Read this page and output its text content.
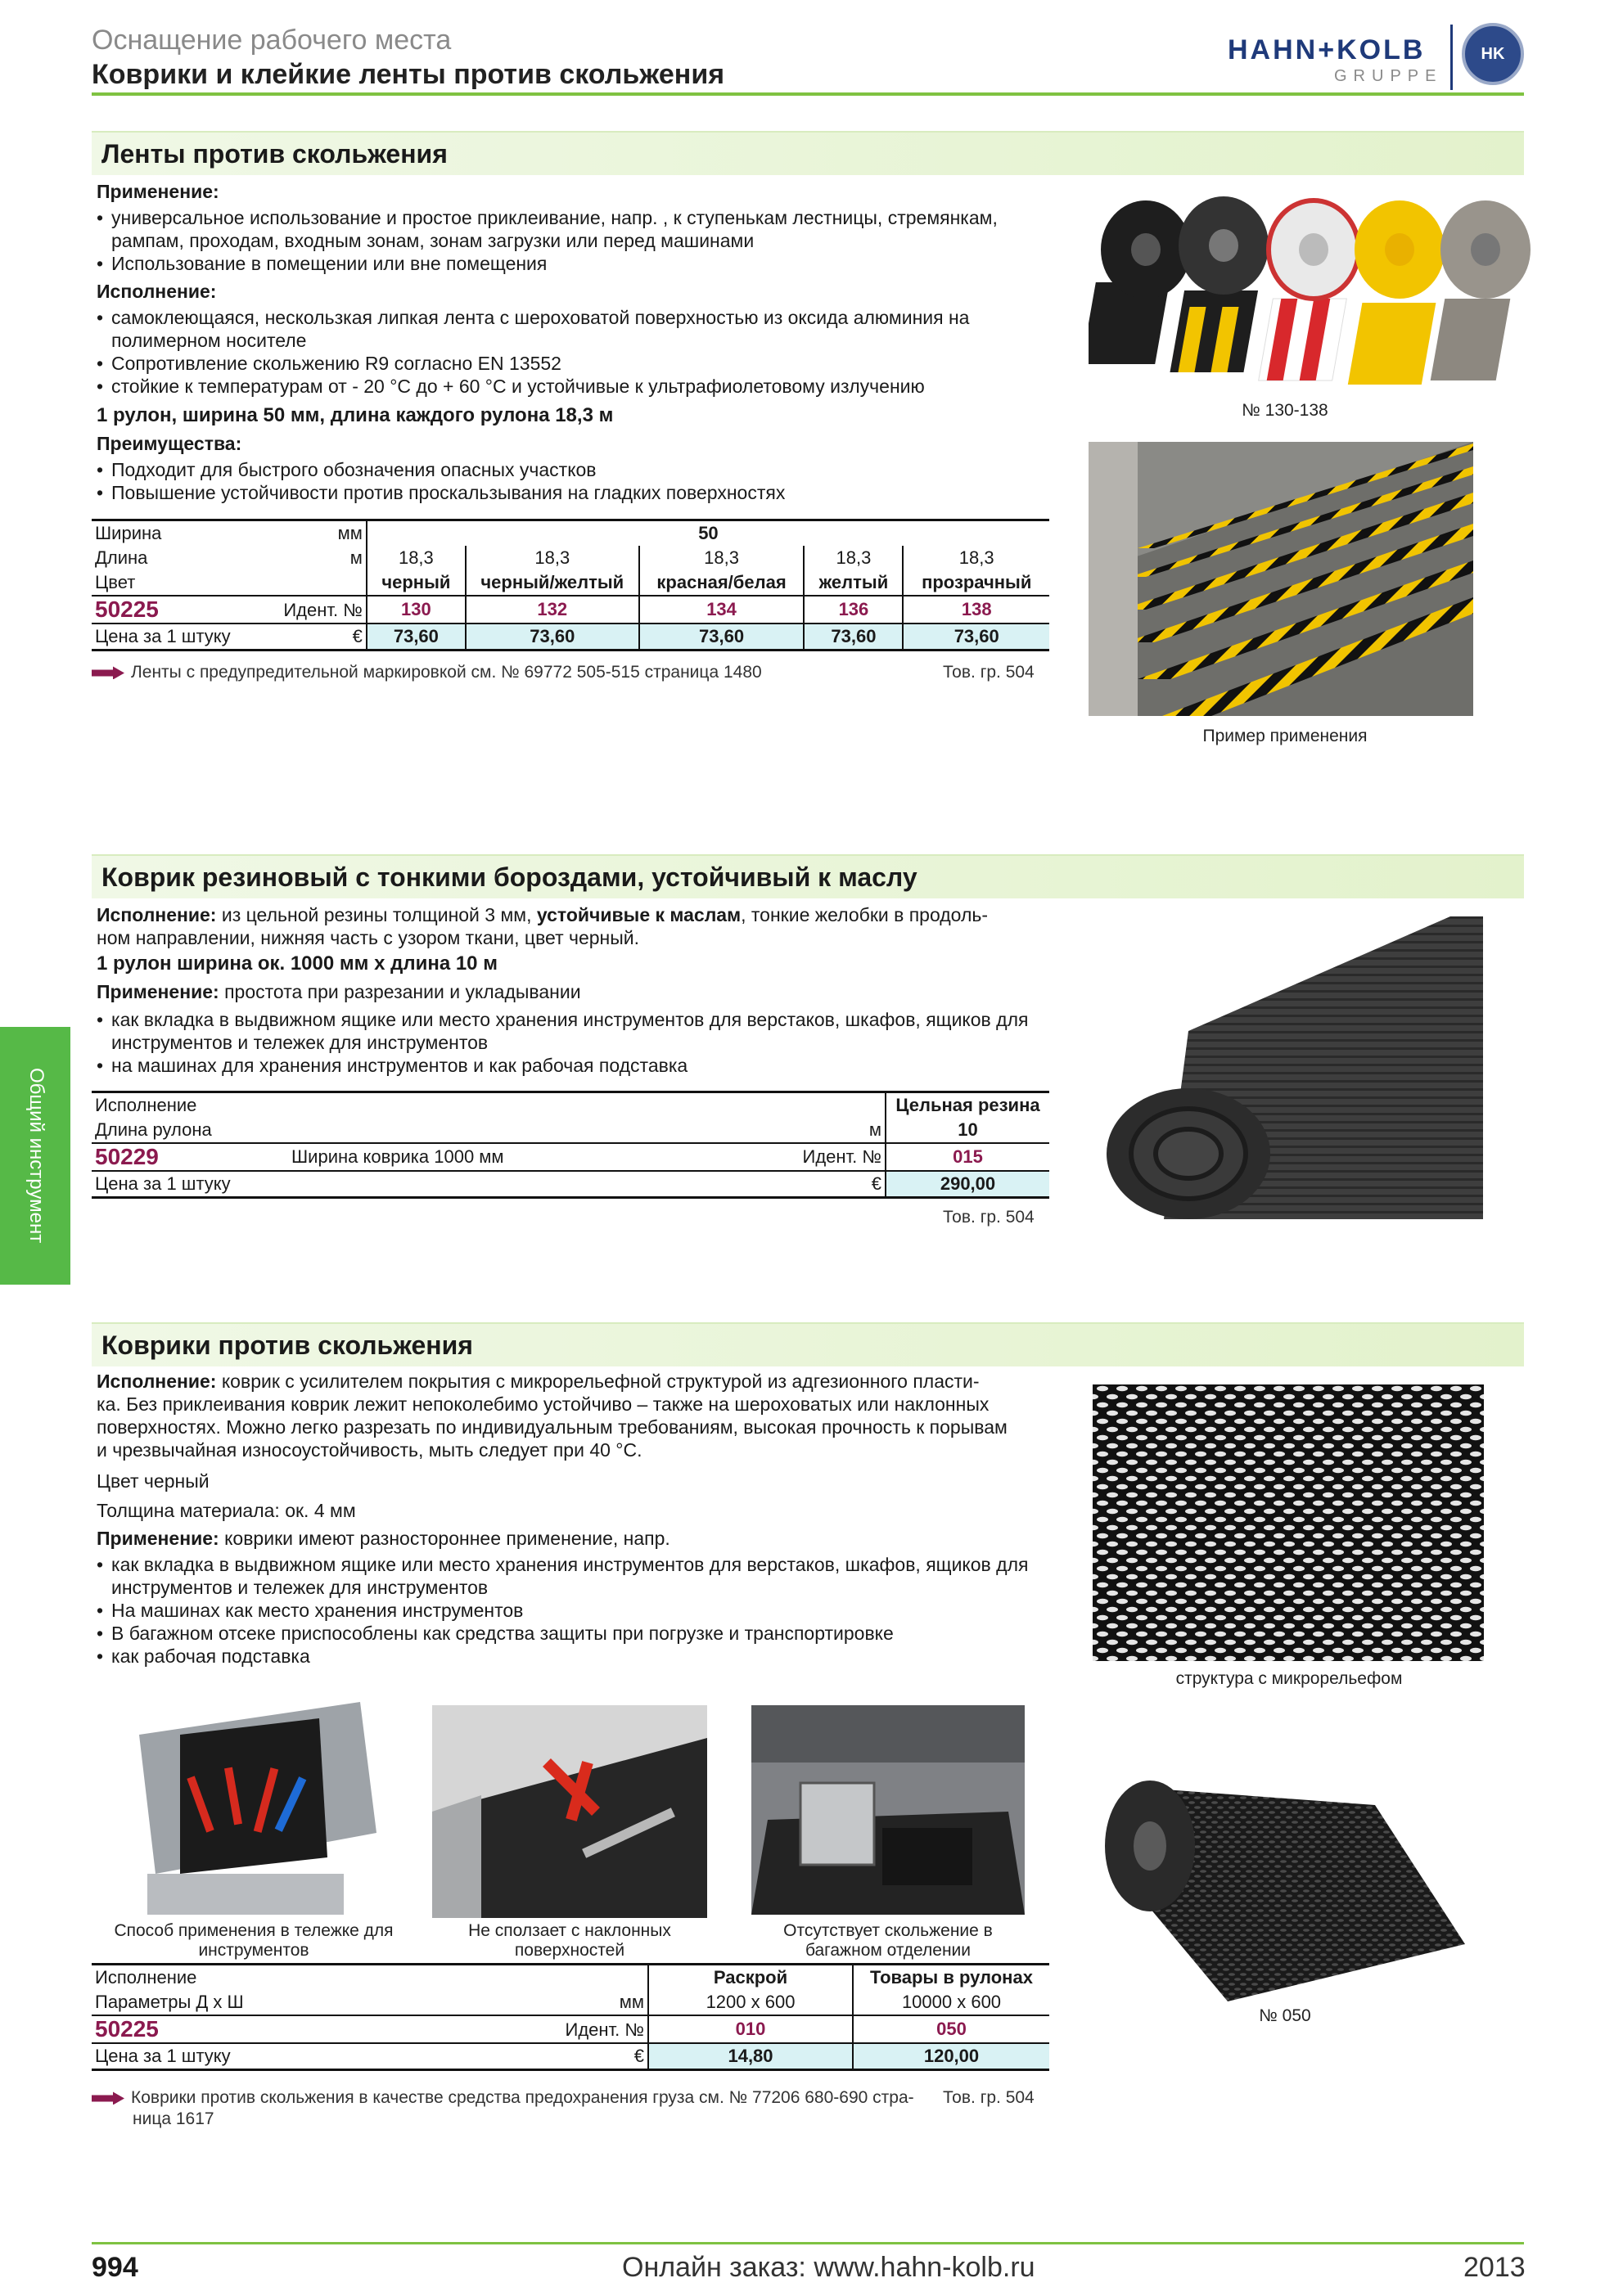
Оснащение рабочего места
Коврики и клейкие ленты против скольжения
HAHN+KOLB
GRUPPE
HK
Общий инструмент
Ленты против скольжения
Применение:
• универсальное использование и простое приклеивание, напр. , к ступенькам лестницы, стремянкам, рампам, проходам, входным зонам, зонам загрузки или перед машинами
• Использование в помещении или вне помещения
Исполнение:
• самоклеющаяся, нескользкая липкая лента с шероховатой поверхностью из оксида алюминия на полимерном носителе
• Сопротивление скольжению R9 согласно EN 13552
• стойкие к температурам от - 20 °C до + 60 °C и устойчивые к ультрафиолетовому излучению
1 рулон, ширина 50 мм, длина каждого рулона 18,3 м
Преимущества:
• Подходит для быстрого обозначения опасных участков
• Повышение устойчивости против проскальзывания на гладких поверхностях
Ширина мм	50				
Длина м	18,3	18,3	18,3	18,3	18,3
Цвет	черный	черный/желтый	красная/белая	желтый	прозрачный
50225 Идент. №	130	132	134	136	138
Цена за 1 штуку €	73,60	73,60	73,60	73,60	73,60
Ленты с предупредительной маркировкой см. № 69772 505-515 страница 1480	Тов. гр. 504
№ 130-138
Пример применения
Коврик резиновый с тонкими бороздами, устойчивый к маслу
Исполнение: из цельной резины толщиной 3 мм, устойчивые к маслам, тонкие желобки в продоль-
ном направлении, нижняя часть с узором ткани, цвет черный.
1 рулон ширина ок. 1000 мм x длина 10 м
Применение: простота при разрезании и укладывании
• как вкладка в выдвижном ящике или место хранения инструментов для верстаков, шкафов, ящиков для инструментов и тележек для инструментов
• на машинах для хранения инструментов и как рабочая подставка
Исполнение		Цельная резина
Длина рулона м		10
50229	Ширина коврика 1000 мм Идент. №	015
Цена за 1 штуку €		290,00
Тов. гр. 504
Коврики против скольжения
Исполнение: коврик с усилителем покрытия с микрорельефной структурой из адгезионного пласти-
ка. Без приклеивания коврик лежит непоколебимо устойчиво – также на шероховатых или наклонных
поверхностях. Можно легко разрезать по индивидуальным требованиям, высокая прочность к порывам
и чрезвычайная износоустойчивость, мыть следует при 40 °C.
Цвет черный
Толщина материала: ок. 4 мм
Применение: коврики имеют разностороннее применение, напр.
• как вкладка в выдвижном ящике или место хранения инструментов для верстаков, шкафов, ящиков для инструментов и тележек для инструментов
• На машинах как место хранения инструментов
• В багажном отсеке приспособлены как средства защиты при погрузке и транспортировке
• как рабочая подставка
Способ применения в тележке для инструментов
Не сползает с наклонных поверхностей
Отсутствует скольжение в багажном отделении
структура с микрорельефом
№ 050
Исполнение	Раскрой	Товары в рулонах
Параметры Д x Ш мм	1200 x 600	10000 x 600
50225 Идент. №	010	050
Цена за 1 штуку €	14,80	120,00
Коврики против скольжения в качестве средства предохранения груза см. № 77206 680-690 стра-
ница 1617
Тов. гр. 504
994	Онлайн заказ: www.hahn-kolb.ru	2013
